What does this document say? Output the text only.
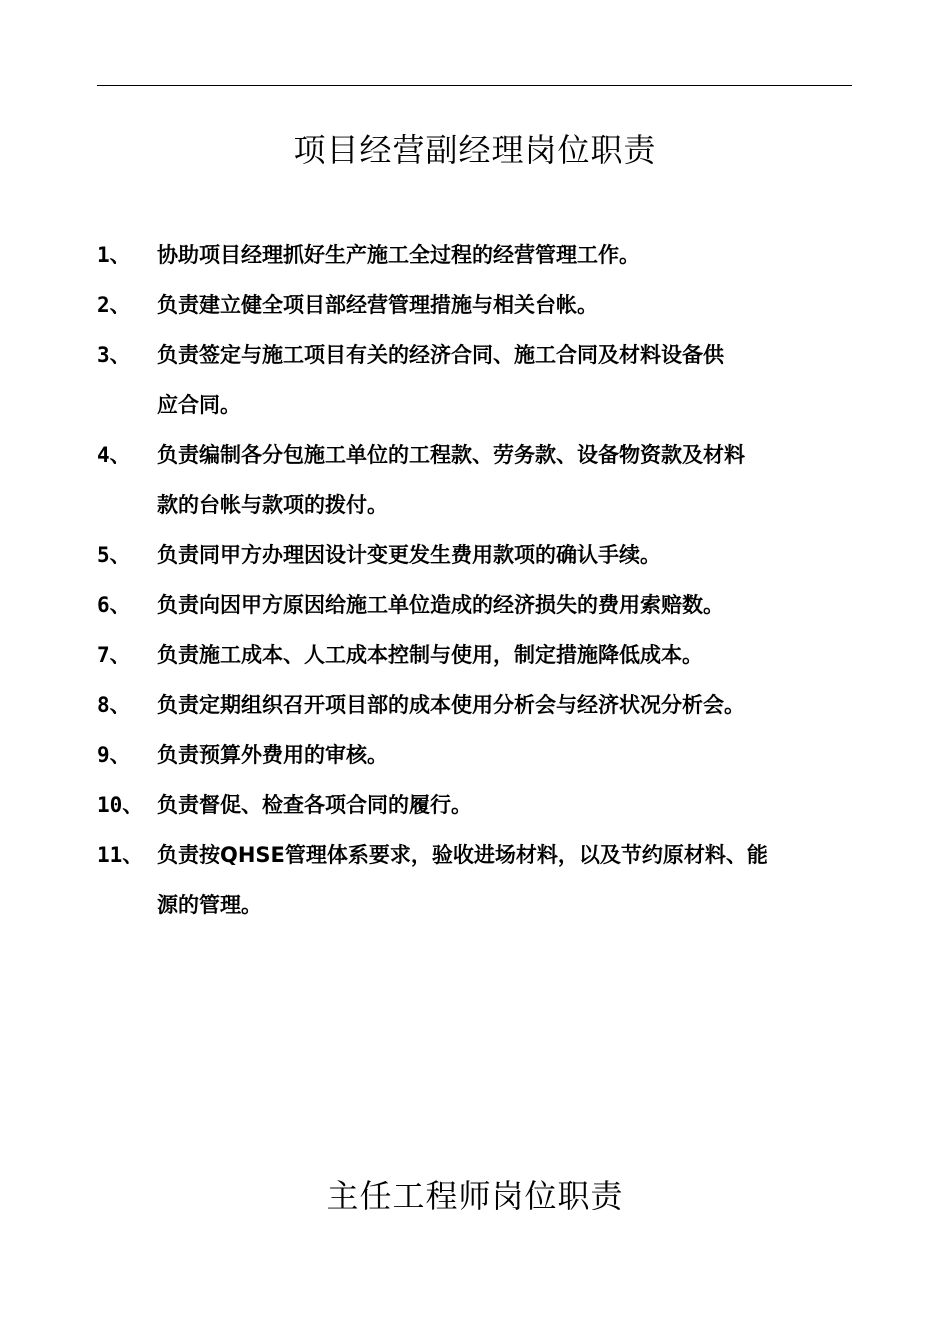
项目经营副经理岗位职责
1、	协助项目经理抓好生产施工全过程的经营管理工作。
2、	负责建立健全项目部经营管理措施与相关台帐。
3、	负责签定与施工项目有关的经济合同、施工合同及材料设备供
应合同。
4、	负责编制各分包施工单位的工程款、劳务款、设备物资款及材料
款的台帐与款项的拨付。
5、	负责同甲方办理因设计变更发生费用款项的确认手续。
6、	负责向因甲方原因给施工单位造成的经济损失的费用索赔数。
7、	负责施工成本、人工成本控制与使用，制定措施降低成本。
8、	负责定期组织召开项目部的成本使用分析会与经济状况分析会。
9、	负责预算外费用的审核。
10、 负责督促、检查各项合同的履行。
11、 负责按QHSE管理体系要求，验收进场材料，以及节约原材料、能
源的管理。
主任工程师岗位职责
